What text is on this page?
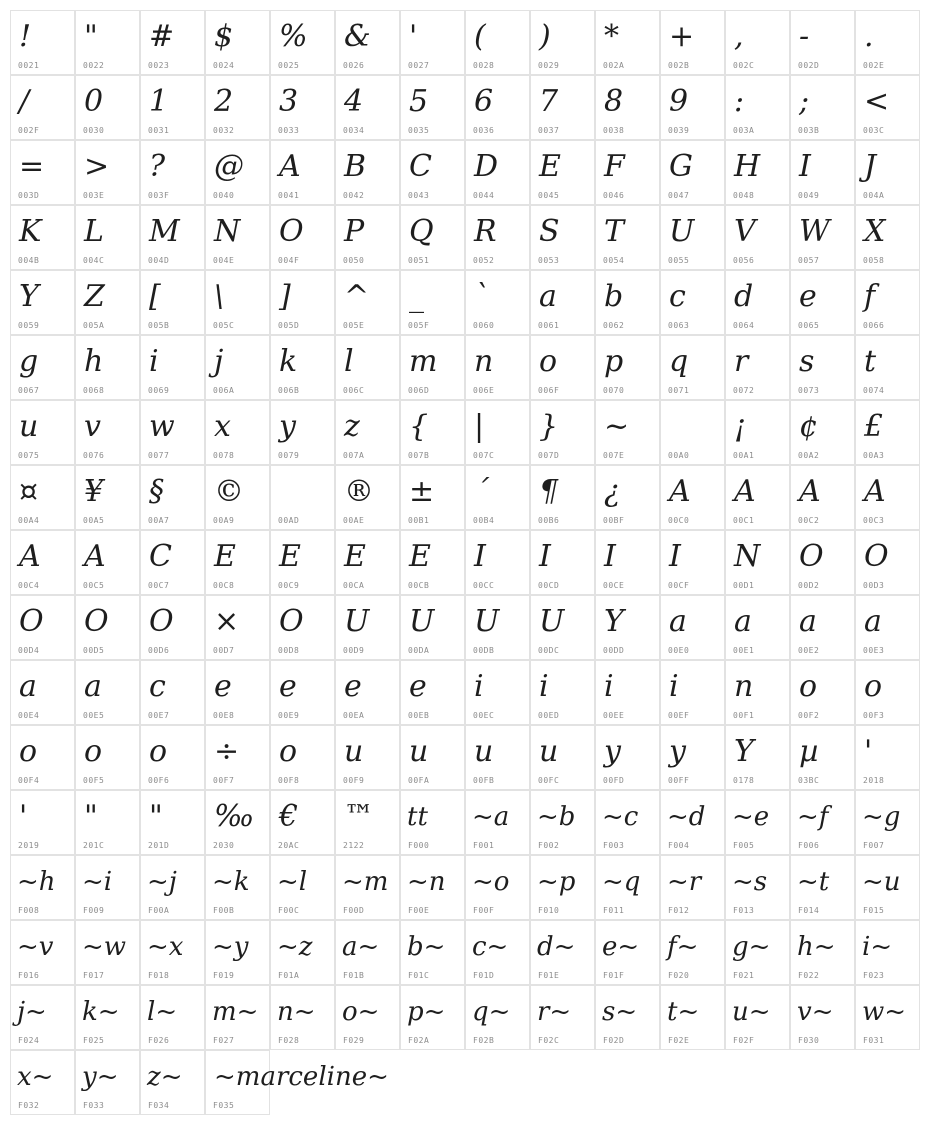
!
0021
"
0022
#
0023
$
0024
%
0025
&
0026
'
0027
(
0028
)
0029
*
002A
+
002B
,
002C
-
002D
.
002E
/
002F
0
0030
1
0031
2
0032
3
0033
4
0034
5
0035
6
0036
7
0037
8
0038
9
0039
:
003A
;
003B
<
003C
=
003D
>
003E
?
003F
@
0040
A
0041
B
0042
C
0043
D
0044
E
0045
F
0046
G
0047
H
0048
I
0049
J
004A
K
004B
L
004C
M
004D
N
004E
O
004F
P
0050
Q
0051
R
0052
S
0053
T
0054
U
0055
V
0056
W
0057
X
0058
Y
0059
Z
005A
[
005B
\
005C
]
005D
^
005E
_
005F
`
0060
a
0061
b
0062
c
0063
d
0064
e
0065
f
0066
g
0067
h
0068
i
0069
j
006A
k
006B
l
006C
m
006D
n
006E
o
006F
p
0070
q
0071
r
0072
s
0073
t
0074
u
0075
v
0076
w
0077
x
0078
y
0079
z
007A
{
007B
|
007C
}
007D
~
007E	00A0
¡
00A1
¢
00A2
£
00A3
¤
00A4
¥
00A5
§
00A7
©
00A9	00AD
®
00AE
±
00B1
´
00B4
¶
00B6
¿
00BF
A
00C0
A
00C1
A
00C2
A
00C3
A
00C4
A
00C5
C
00C7
E
00C8
E
00C9
E
00CA
E
00CB
I
00CC
I
00CD
I
00CE
I
00CF
N
00D1
O
00D2
O
00D3
O
00D4
O
00D5
O
00D6
×
00D7
O
00D8
U
00D9
U
00DA
U
00DB
U
00DC
Y
00DD
a
00E0
a
00E1
a
00E2
a
00E3
a
00E4
a
00E5
c
00E7
e
00E8
e
00E9
e
00EA
e
00EB
i
00EC
i
00ED
i
00EE
i
00EF
n
00F1
o
00F2
o
00F3
o
00F4
o
00F5
o
00F6
÷
00F7
o
00F8
u
00F9
u
00FA
u
00FB
u
00FC
y
00FD
y
00FF
Y
0178
µ
03BC
'
2018
'
2019
"
201C
"
201D
‰
2030
€
20AC
™
2122
tt
F000
~a
F001
~b
F002
~c
F003
~d
F004
~e
F005
~f
F006
~g
F007
~h
F008
~i
F009
~j
F00A
~k
F00B
~l
F00C
~m
F00D
~n
F00E
~o
F00F
~p
F010
~q
F011
~r
F012
~s
F013
~t
F014
~u
F015
~v
F016
~w
F017
~x
F018
~y
F019
~z
F01A
a~
F01B
b~
F01C
c~
F01D
d~
F01E
e~
F01F
f~
F020
g~
F021
h~
F022
i~
F023
j~
F024
k~
F025
l~
F026
m~
F027
n~
F028
o~
F029
p~
F02A
q~
F02B
r~
F02C
s~
F02D
t~
F02E
u~
F02F
v~
F030
w~
F031
x~
F032
y~
F033
z~
F034
~marceline~
F035
